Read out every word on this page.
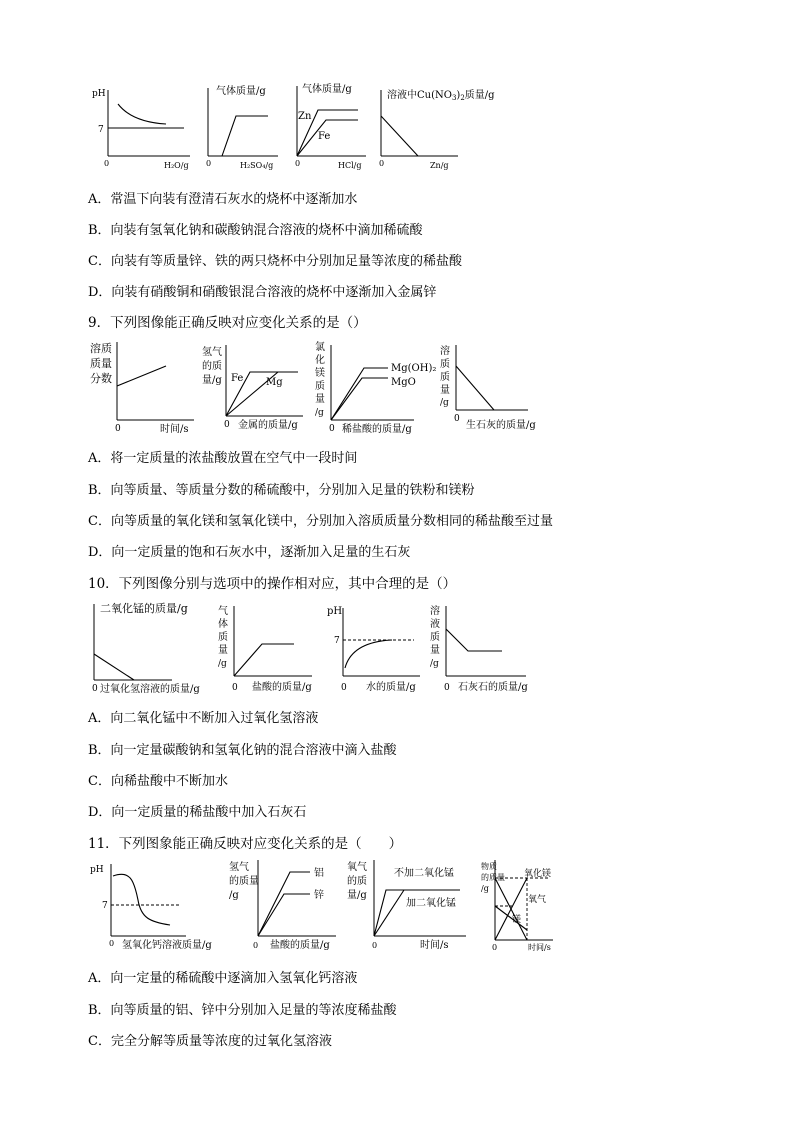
pH
7
0	H₂O/g
气体质量/g
0	H₂SO₄/g
气体质量/g
Zn
Fe
0	HCl/g
溶液中$Cu(NO_3)_2$质量/g
0	Zn/g
溶质
质量
分数
0	时间/s
氢气
的质
量/g Fe Mg
0 金属的质量/g
氯
化
镁
质
量
/g
Mg(OH)₂
MgO
0 稀盐酸的质量/g
溶
质
质
量
/g
0
生石灰的质量/g
二氧化锰的质量/g
0 过氧化氢溶液的质量/g
气
体
质
量
/g
0 盐酸的质量/g
pH
7
0 水的质量/g
溶
液
质
量
/g
0 石灰石的质量/g
pH
7
0 氢氧化钙溶液质量/g
氢气
的质量
/g
铝
锌
0 盐酸的质量/g
氧气
的质
量/g
不加二氧化锰
加二氧化锰
0	时间/s
物质
的质量
/g
氧化镁
氧气
镁
0	时间/s
A．常温下向装有澄清石灰水的烧杯中逐渐加水
B．向装有氢氧化钠和碳酸钠混合溶液的烧杯中滴加稀硫酸
C．向装有等质量锌、铁的两只烧杯中分别加足量等浓度的稀盐酸
D．向装有硝酸铜和硝酸银混合溶液的烧杯中逐渐加入金属锌
9．下列图像能正确反映对应变化关系的是（）
A．将一定质量的浓盐酸放置在空气中一段时间
B．向等质量、等质量分数的稀硫酸中，分别加入足量的铁粉和镁粉
C．向等质量的氧化镁和氢氧化镁中，分别加入溶质质量分数相同的稀盐酸至过量
D．向一定质量的饱和石灰水中，逐渐加入足量的生石灰
10．下列图像分别与选项中的操作相对应，其中合理的是（）
A．向二氧化锰中不断加入过氧化氢溶液
B．向一定量碳酸钠和氢氧化钠的混合溶液中滴入盐酸
C．向稀盐酸中不断加水
D．向一定质量的稀盐酸中加入石灰石
11．下列图象能正确反映对应变化关系的是（　　）
A．向一定量的稀硫酸中逐滴加入氢氧化钙溶液
B．向等质量的铝、锌中分别加入足量的等浓度稀盐酸
C．完全分解等质量等浓度的过氧化氢溶液
